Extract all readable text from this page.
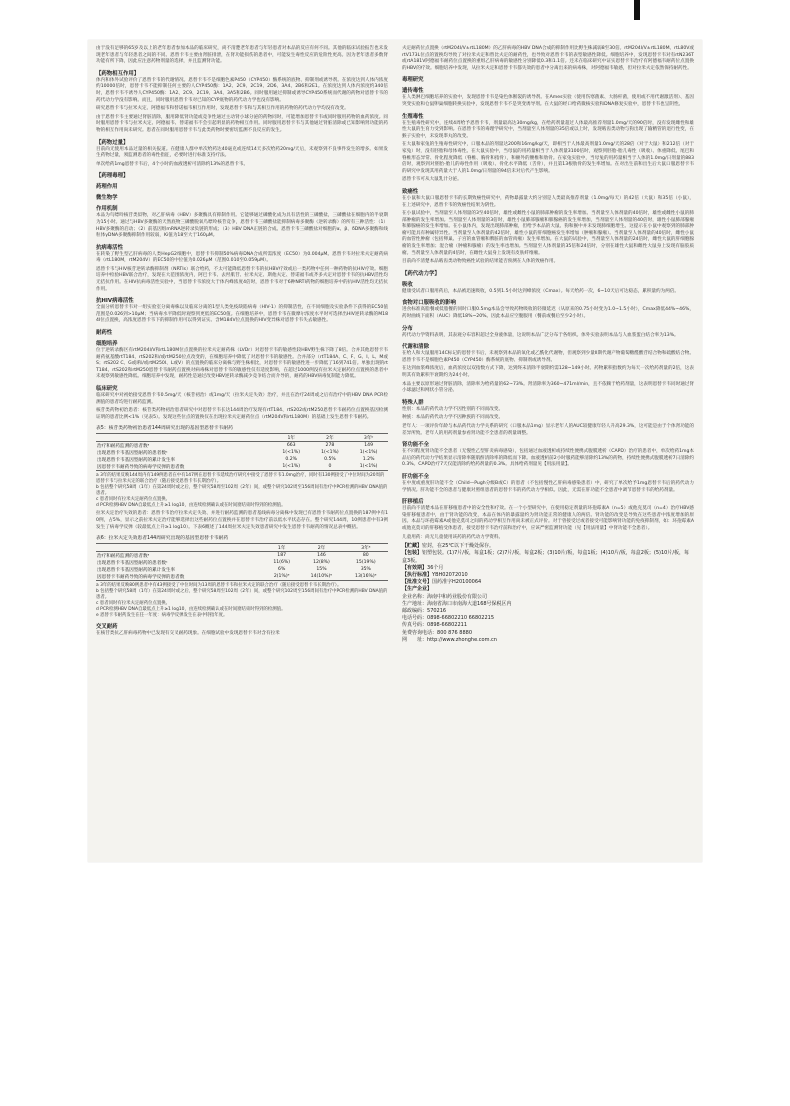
由于没有足够的65岁及以上的老年患者参加本品的临床研究，尚不清楚老年患者与年轻患者对本品的反应有何不同。其他的临床试验报告也未发现老年患者与年轻患者之间的不同。恩替卡韦主要由肾脏排泄，在肾功能损伤的患者中，可能发生毒性反应的危险性更高。因为老年患者多数肾功能有所下降，因此应注意药物剂量的选择，并且监测肾功能。

【药物相互作用】

体内和体外试验评价了恩替卡韦的代谢情况。恩替卡韦不是细胞色素P450（CYP450）酶系统的底物、抑制剂或诱导剂。在浓度达到人体内浓度约10000倍时，恩替卡韦不能抑制任何主要的人CYP450酶：1A2、2C9、2C19、2D6、3A4、2B6和2E1。在浓度达到人体内浓度约340倍时，恩替卡韦不诱导人CYP450酶：1A2、2C9、2C19、3A4、3A5和2B6。同时服用通过抑制或诱导CYP450系统而代谢的药物对恩替卡韦的药代动力学没有影响。而且，同时服用恩替卡韦对已知的CYP底物的药代动力学也没有影响。

研究恩替卡韦与拉米夫定、阿德福韦和替诺福韦相互作用时，发现恩替卡韦和与其相互作用的药物的药代动力学均没有改变。

由于恩替卡韦主要通过肾脏清除，服用降低肾功能或竞争性通过主动肾小球分泌的药物同时，可能增加恩替卡韦或同时服用药物的血药浓度。同时服用恩替卡韦与拉米夫定、阿德福韦、替诺福韦不会引起明显的药物相互作用。同时服用恩替卡韦与其他通过肾脏清除或已知影响肾功能的药物的相互作用尚未研究。患者在同时服用恩替卡韦与此类药物时要密切监测不良反应的发生。

【药物过量】

目前尚无使用本品过量的相关报道。在健康人群中单次给药达40毫克或连续14天多次给药20mg/天后，未观察到不良事件发生的增多。如果发生药物过量，须监测患者的毒性指征，必要时进行标准支持疗法。

单次给药1mg恩替卡韦后，4个小时的血液透析可清除约13%的恩替卡韦。

【药理毒理】
药理作用
微生物学
作用机制

本品为鸟嘌呤核苷类似物，对乙肝病毒（HBV）多聚酶具有抑制作用。它能够通过磷酸化成为具有活性的三磷酸盐，三磷酸盐在细胞内的半衰期为15小时。通过与HBV多聚酶的天然底物三磷酸脱氧鸟嘌呤核苷竞争，恩替卡韦三磷酸盐能抑制病毒多聚酶（逆转录酶）的所有三种活性：（1）HBV多聚酶的启动；（2）前基因组mRNA逆转录负链的形成；（3）HBV DNA正链的合成。恩替卡韦三磷酸盐对细胞的α、β、δDNA多聚酶和线粒体γDNA多聚酶抑制作用较弱，Ki值为18至大于160μM。

抗病毒活性

在转染了野生型乙肝病毒的人类HepG2细胞中，恩替卡韦抑制50%病毒DNA合成所需浓度（EC50）为0.004μM。恩替卡韦对拉米夫定耐药病毒（rtL180M，rtM204V）的EC50的中位值为0.026μM（范围0.010至0.059μM）。

恩替卡韦与HIV核苷逆转录酶抑制剂（NRTIs）联合给药，不太可能降低恩替卡韦的抗HBV疗效或后一类药物中任何一种药物的抗HIV疗效。细胞培养中检验HBV联合治疗，发现在大范围浓度内，阿巴卡韦、去羟肌苷、拉米夫定、斯他夫定、替诺福韦或齐多夫定对恩替卡韦的抗HBV活性均无拮抗作用。在HIV抗病毒活性实验中，当恩替卡韦浓度大于体内峰浓度4倍时，恩替卡韦对于6种NRTI药物的细胞培养中的抗HIV活性均无拮抗作用。

抗HIV病毒活性

全面分析恩替卡韦对一组实验室分离毒株以及临床分离的1型人类免疫缺陷病毒（HIV-1）的抑制活性，在不同细胞及实验条件下获得的EC50值范围是0.026到>10μM；当病毒水平降低时观察到更低的EC50值。在细胞培养中，恩替卡韦在微摩尔浓度水平时可选择出HIV逆转录酶的M184I位点置换，高浓度恩替卡韦下的抑制作用可以得到证实。含M184V位点置换的HIV变异株对恩替卡韦失去敏感性。

耐药性
细胞培养

位于逆转录酶区有rtM204I/V和rtL180M位点置换的拉米夫定耐药株（LVDr）对恩替卡韦的敏感性较HBV野生株下降了8倍。合并其他恩替卡韦耐药氨基酸rtT184、rtS202和/或rtM250位点改变的，在细胞培养中降低了对恩替卡韦的敏感性。合并部分（rtT184A、C、F、G、I、L、M或S；rtS202 C、G或I和/或rtM250I、L或V）的点置换的临床分离株与野生株相比，对恩替卡韦的敏感性进一步降低了16到741倍。单独出现的rtT184、rtS202和rtM250恩替卡韦耐药点置换对病毒株对恩替卡韦的敏感性仅有适度影响，在超过1000例没有拉米夫定耐药位点置换的患者中未观察到敏感性降低。细胞培养中发现，耐药性是通过改变HBV逆转录酶减少竞争结合而介导的，耐药的HBV病毒复制能力降低。

临床研究

临床研究中对初始接受恩替卡韦0.5mg/天（核苷初治）或1mg/天（拉米夫定失效）治疗，并且在治疗24周或之后有治疗中的HBV DNA PCR检测值的患者均进行耐药监测。

核苷类药物初治患者：核苷类药物初治患者研究中对恩替卡韦长达144周治疗发现有rtT184、rtS202或rtM250恩替卡韦耐药位点置换基因检测证明的患者比例<1%（见表5）。发现这些位点的置换仅在出现拉米夫定耐药位点（rtM204V和rtL180M）的基础上发生恩替卡韦耐药。

表5：核苷类药物初治患者144周研究出现的基因型恩替卡韦耐药
	1年	2年	3年ᵇ
治疗和耐药监测的患者数ᵃ	663	278	149
出现恩替卡韦基因型耐药的患者数ᶜ	1(<1%)	1(<1%)	1(<1%)
出现恩替卡韦基因型耐药的累计发生率	0.2%	0.5%	1.2%
因恩替卡韦耐药导致的病毒学反弹的患者数	1(<1%)	0	1(<1%)
a 3年的结果反映144周内有149例患者在中有147例在恩替卡韦延续治疗研究中接受了恩替卡韦1.0mg治疗，同时有130例接受了中位时间为20周的恩替卡韦与拉米夫定的联合治疗（随后接受恩替卡韦长期治疗）。
b 包括整个研究58周（1年）在第24周时或之后，整个研究58周至102周（2年）间，或整个研究102周至156周间有治疗中PCR检测的HBV DNA值的患者。
c 患者同时有拉米夫定耐药位点置换。
d PCR检测HBV DNA自最低点上升≥1 log10，由连续检测确认或在时间窗结束时得到的检测值。

拉米夫定治疗失效的患者：恩替卡韦治疗拉米夫定失效、并进行耐药监测的患者基线病毒分离株中发现已有恩替卡韦耐药位点置换的187例中有10例，占5%，显示之前拉米夫定治疗能够选择出这些耐药位点置换并在恩替卡韦治疗前以低水平状态存在。整个研究144周，10例患者中有3例发生了病毒学反弹（较最低点上升≥1 log10）。下表6概述了144周拉米夫定失效患者研究中发生恩替卡韦耐药的情况总表中概括。

表6：拉米夫定失效患者144周研究出现的基因型恩替卡韦耐药
	1年	2年	3年ᵃ
治疗和耐药监测的患者数ᵃ	187	146	80
出现恩替卡韦基因型耐药的患者数ᶜ	11(6%)	12(8%)	15(19%)
出现恩替卡韦基因型耐药的累计发生率	6%	15%	35%
因恩替卡韦耐药导致的病毒学反弹的患者数	2(1%)ᵉ	14(10%)ᵉ	13(16%)ᵉ
a 3年的结果反映80例患者中有43例接受了中位时间为13周的恩替卡韦和拉米夫定的联合治疗（随后接受恩替卡韦长期治疗）。
b 包括整个研究58周（1年）在第24周时或之后，整个研究58周至102周（2年）间，或整个研究102周至156周间有治疗中PCR检测的HBV DNA值的患者。
c 患者同时有拉米夫定耐药位点置换。
d PCR检测HBV DNA自最低点上升≥1 log10，由连续检测确认或在时间窗结束时得到的检测值。
e 恩替卡韦耐药发生在任一年度：病毒学反弹发生在表中特指年度。
交叉耐药

在核苷类抗乙肝病毒药物中已发现有交叉耐药现象。在细胞试验中发现恩替卡韦对含有拉米

夫定耐药位点置换（rtM204I/V±rtL180M）的乙肝病毒的HBV DNA合成的抑制作用比野生株减弱8至30倍。rtM204I/V±rtL180M、rtL80V或rtV173L位点的置换均导致了对拉米夫定和替比夫定的耐药性，也导致对恩替卡韦的表型敏感性降低。细胞培养中，发现恩替卡韦对有rtN236T或rtA181V阿德福韦耐药位点置换的重组乙肝病毒的敏感性分别降低0.3和1.1倍。还未在临床研究中证实恩替卡韦治疗有阿德福韦耐药位点置换的HBV的疗效。细胞培养中发现，从拉米夫定和恩替卡韦都失效的患者中分离出来的病毒株，对阿德福韦敏感，但对拉米夫定依然保持耐药性。

毒理研究
遗传毒性

在人类淋巴细胞培养的实验中，发现恩替卡韦是染色体断裂的诱导剂。在Ames实验（使用伤寒菌素、大肠杆菌，使用或不用代谢激活剂）、基因突变实验和仓鼠卵巢细胞转换实验中，发现恩替卡韦不是突变诱导剂。在大鼠的经口给药微核实验和DNA修复实验中，恩替卡韦也呈阴性。

生殖毒性

在生殖毒性研究中，连续4周给予恩替卡韦，剂量最高达30mg/kg，在给药剂量超过人体最高推荐剂量1.0mg/天的90倍时，没有发现雌性和雄性大鼠的生育力受到影响。在恩替卡韦的毒理学研究中，当剂量至人体剂量的35倍或以上时，发现啮齿类动物与狗出现了输精管的退行性变，在猴子实验中，未发现睾丸的改变。

在大鼠和家兔的生殖毒性研究中，口服本品的剂量达200和16mg/kg/天，即相当于人体最高剂量1.0mg/天的28倍（对于大鼠）和212倍（对于家兔）时，没有胚胎和母体毒性。在大鼠实验中，当母鼠的用药量相当于人体剂量3100倍时，观察到胚胎-胎儿毒性（吸收）、体重降低、尾巴和脊椎形态异常、骨化程度降低（脊椎、胸骨和指骨），和额外的腰椎和肋骨。在家兔实验中，当母兔的用药量相当于人体的1.0mg/日剂量的883倍时，观察到对胚胎-胎儿的毒性作用（吸收）、骨化水平降低（舌骨），并且第13根肋骨的发生率增加。在对出生前和出生后大鼠口服恩替卡韦的研究中发现其用药量大于人的1.0mg/日剂量的94倍未对后代产生影响。

恩替卡韦可从大鼠乳汁分泌。

致癌性

在小鼠和大鼠口服恩替卡韦的长期致癌性研究中，药物暴露量大约分别是人类最高推荐剂量（1.0mg/每天）的42倍（大鼠）和35倍（小鼠），在上述研究中，恩替卡韦的致癌性结果为阴性。

在小鼠试验中，当剂量至人体剂量的3至40倍时，雄性或雌性小鼠的肺部肿瘤的发生率增加。当剂量至人体剂量的40倍时，雄性或雌性小鼠的肺部肿瘤的发生率增加。当剂量至人体剂量的3倍时，雄性小鼠肺部腺瘤和肺腺癌的发生率增加，当剂量至人体剂量的40倍时，雄性小鼠肺部腺瘤和肺腺癌的发生率增加。在小鼠体内，发现出现肺部肿瘤，但给予本品的大鼠、狗和猴中并未发现肺细胞增生。这提示在小鼠中观察到的肺部肿瘤可能具有种属特异性。当剂量至人体剂量的42倍时，雄性小鼠的肝细胞癌发生率增加（肿瘤和腺瘤）。当剂量至人体剂量的40倍时，雌性小鼠的血管性肿瘤（包括卵巢、子宫的血管瘤和脾脏的血管肉瘤）发生率增加。在大鼠的试验中，当剂量至人体剂量的24倍时，雌性大鼠的肝细胞腺瘤的发生率增加；混合瘤（肿瘤和腺瘤）的发生率也增加。当剂量至人体剂量的35倍和24倍时，分别在雄性大鼠和雌性大鼠身上发现有脑胶质瘤。当剂量至人体剂量的4倍时，在雌性大鼠身上发现有皮肤纤维瘤。

目前尚不清楚本品啮齿类动物致癌性试验的结果能否预测在人体的致癌作用。

【药代动力学】
吸收

健康受试者口服用药后，本品被迅速吸收，0.5到1.5小时达到峰浓度（Cmax）。每天给药一次，6~10天后可达稳态，累积量约为两倍。

食物对口服吸收的影响

进食标准高脂餐或低脂餐的同时口服0.5mg本品会导致药物吸收的轻微延迟（从原来的0.75小时变为1.0~1.5小时），Cmax降低44%~46%，药时曲线下面积（AUC）降低18%~20%。因此本品应空腹服用（餐前或餐后至少2小时）。

分布

药代动力学资料表明，其表观分布容积超过全身液体量，这说明本品广泛分布于各组织。体外实验表明本品与人血浆蛋白结合率为13%。

代谢和清除

在给人和大鼠服用14C标记的恩替卡韦后，未观察到本品的氧化或乙酰化代谢物，但观察到少量II期代谢产物葡萄糖醛酸苷结合物和硫酸结合物。恩替卡韦不是细胞色素P450（CYP450）酶系统的底物、抑制剂或诱导剂。

在达到血浆峰浓度后，血药浓度以双指数方式下降，达到终末清除半衰期约需128~149小时。药物累积指数约为每天一次给药剂量的2倍，这表明其有效累积半衰期约为24小时。

本品主要以原形通过肾脏清除，清除率为给药量的62~73%。肾清除率为360~471ml/min，且不依赖于给药剂量，这表明恩替卡韦同时通过肾小球滤过和网状小管分泌。

特殊人群

性别：本品的药代动力学不因性别的不同而改变。

种族：本品的药代动力学不因种族的不同而改变。

老年人：一项评价年龄与本品药代动力学关系的研究（口服本品1mg）显示老年人的AUC较健康年轻人升高29.3%，这可能是由于个体肾功能的差异所致。老年人的用药剂量参看肾功能不全患者的剂量调整。

肾功能不全

在不同程度肾功能不全患者（无慢性乙型肝炎病毒感染），包括通过血液透析或持续性便携式腹膜透析（CAPD）治疗的患者中，单次给药1mg本品后的药代动力学结果显示清除率随肌酐清除率的降低而下降。血液透析前2小时服药能够清除约13%的药物，持续性便携式腹膜透析7日清除约0.3%。CAPD治疗7天仅能清除约给药剂量的0.3%。具体给药剂量见【用法用量】。

肝功能不全

在中度或重度肝功能不全（Child—Pugh分级B或C）的患者（不包括慢性乙肝病毒感染患者）中，研究了单次给予1mg恩替卡韦后的药代动力学情况。肝功能不全的患者与健康对照组患者的恩替卡韦的药代动力学相似。因此，无需在肝功能不全患者中调节恩替卡韦的给药剂量。

肝移植后

目前尚不清楚本品在肝移植患者中的安全性和疗效。在一个小型研究中，在使用稳定剂量的环孢霉素A（n=5）或他克莫司（n=4）治疗HBV感染肝移植患者中，由于肾功能的改变，本品在体内的暴露量约为肾功能正常的健康人的两倍。肾功能的改变是导致在这些患者中浓度增加的原因。本品与环孢霉素A或他克莫司之间的药动学相互作用尚未被正式评价。对于曾接受过或者接受可能影响肾功能的免疫抑制剂，如：环孢霉素A或他克莫司的肝移植受体患者，接受恩替卡韦治疗前和治疗中，应该严密监测肾功能（见【用法用量】中肾功能不全患者）。

儿童用药：尚无儿童使用该药的药代动力学资料。

【贮藏】密封，在25℃以下干燥处保存。
【包装】铝塑包装。(1)7片/板，每盒1板；(2)7片/板，每盒2板；(3)10片/板，每盒1板；(4)10片/板，每盒2板；(5)10片/板，每盒3板。
【有效期】36个月
【执行标准】YBH02072010
【批准文号】国药准字H20100064
【生产企业】
企业名称：海南中和药业股份有限公司
生产地址：海南省海口市南海大道168号保税区内
邮政编码：570216
电话号码：0898-66802210 66802215
传真号码：0898-66802211
免费咨询电话：800 876 8880
网　　址：http://www.zhonghe.com.cn
